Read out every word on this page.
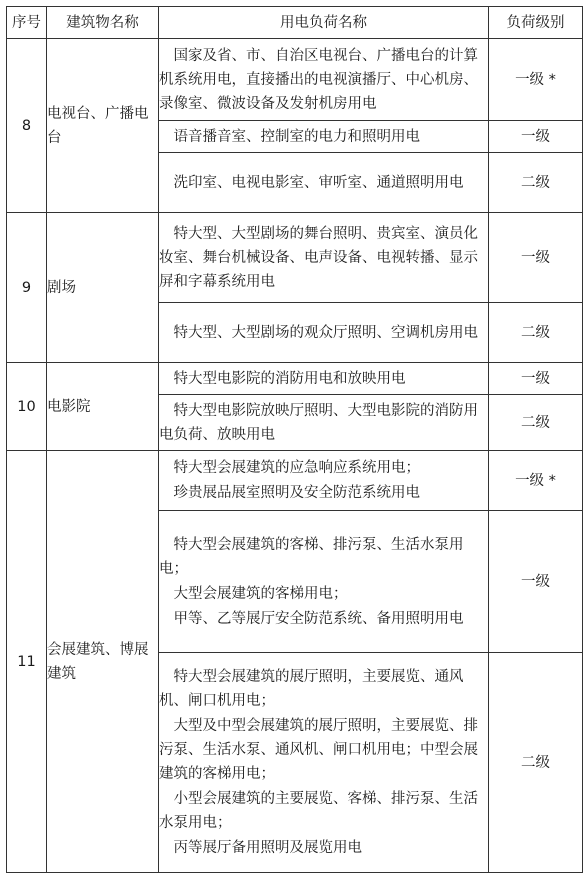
序号	建筑物名称	用电负荷名称	负荷级别
8	电视台、广播电台	国家及省、市、自治区电视台、广播电台的计算机系统用电，直接播出的电视演播厅、中心机房、录像室、微波设备及发射机房用电	一级 *

		语音播音室、控制室的电力和照明用电	一级

		洗印室、电视电影室、审听室、通道照明用电	二级
9	剧场	特大型、大型剧场的舞台照明、贵宾室、演员化妆室、舞台机械设备、电声设备、电视转播、显示屏和字幕系统用电	一级

		特大型、大型剧场的观众厅照明、空调机房用电	二级
10	电影院	特大型电影院的消防用电和放映用电	一级

		特大型电影院放映厅照明、大型电影院的消防用电负荷、放映用电	二级
11	会展建筑、博展建筑	特大型会展建筑的应急响应系统用电；
珍贵展品展室照明及安全防范系统用电	一级 *

		特大型会展建筑的客梯、排污泵、生活水泵用电；
大型会展建筑的客梯用电；
甲等、乙等展厅安全防范系统、备用照明用电	一级

		特大型会展建筑的展厅照明，主要展览、通风机、闸口机用电；
大型及中型会展建筑的展厅照明，主要展览、排污泵、生活水泵、通风机、闸口机用电；中型会展建筑的客梯用电；
小型会展建筑的主要展览、客梯、排污泵、生活水泵用电；
丙等展厅备用照明及展览用电	二级
